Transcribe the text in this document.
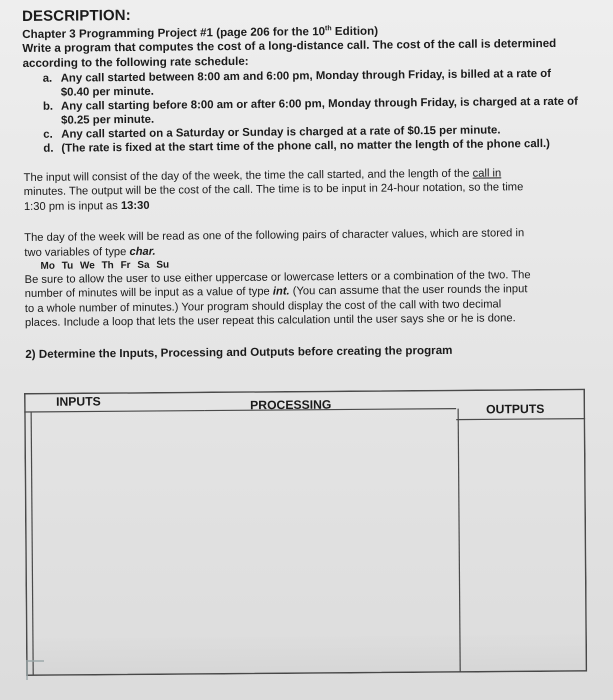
DESCRIPTION:
Chapter 3 Programming Project #1 (page 206 for the 10th Edition)

Write a program that computes the cost of a long-distance call. The cost of the call is determined
according to the following rate schedule:

a. Any call started between 8:00 am and 6:00 pm, Monday through Friday, is billed at a rate of
$0.40 per minute.
b. Any call starting before 8:00 am or after 6:00 pm, Monday through Friday, is charged at a rate of
$0.25 per minute.
c. Any call started on a Saturday or Sunday is charged at a rate of $0.15 per minute.
d. (The rate is fixed at the start time of the phone call, no matter the length of the phone call.)

The input will consist of the day of the week, the time the call started, and the length of the call in
minutes. The output will be the cost of the call. The time is to be input in 24-hour notation, so the time
1:30 pm is input as 13:30

The day of the week will be read as one of the following pairs of character values, which are stored in
two variables of type char.

Mo Tu We Th Fr Sa Su

Be sure to allow the user to use either uppercase or lowercase letters or a combination of the two. The
number of minutes will be input as a value of type int. (You can assume that the user rounds the input
to a whole number of minutes.) Your program should display the cost of the call with two decimal
places. Include a loop that lets the user repeat this calculation until the user says she or he is done.

2) Determine the Inputs, Processing and Outputs before creating the program
INPUTS	PROCESSING	OUTPUTS
